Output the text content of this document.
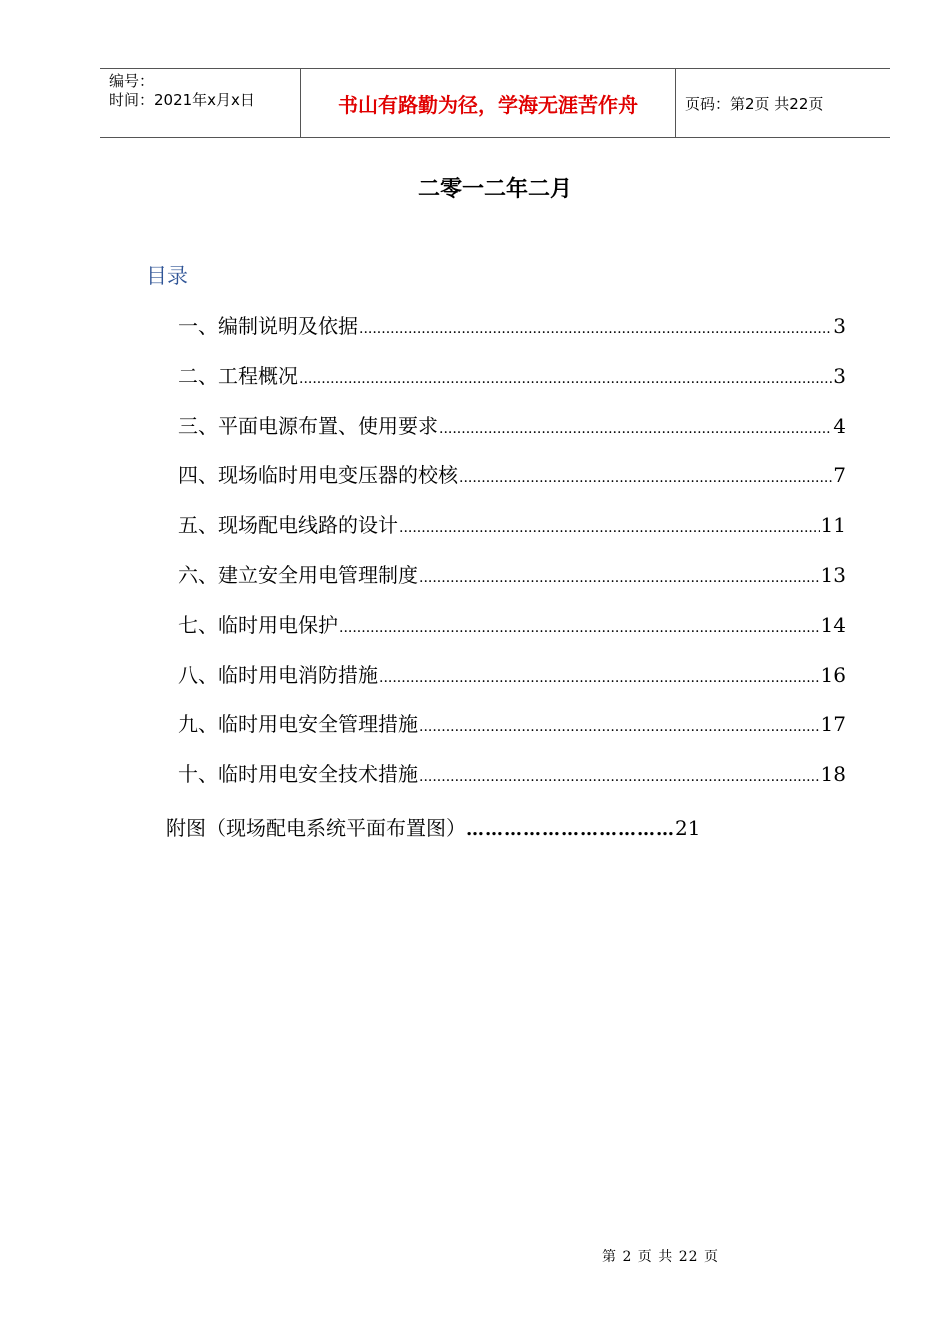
编号：
时间：2021年x月x日	书山有路勤为径，学海无涯苦作舟	页码：第2页 共22页
二零一二年二月
目录
一、编制说明及依据 .....	3
二、工程概况 .....	3
三、平面电源布置、使用要求 .....	4
四、现场临时用电变压器的校核 .....	7
五、现场配电线路的设计 .....	11
六、建立安全用电管理制度 .....	13
七、临时用电保护 .....	14
八、临时用电消防措施 .....	16
九、临时用电安全管理措施 .....	17
十、临时用电安全技术措施 .....	18
附图（现场配电系统平面布置图）……………………………21
第 2 页 共 22 页
